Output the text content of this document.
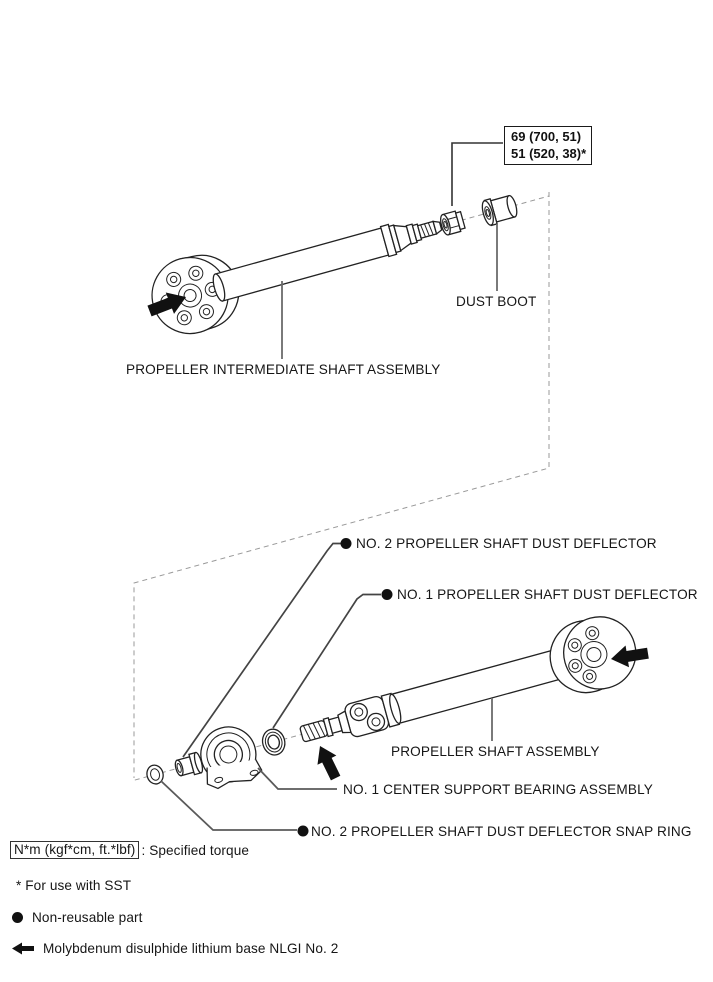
69 (700, 51)
51 (520, 38)*
DUST BOOT
PROPELLER INTERMEDIATE SHAFT ASSEMBLY
NO. 2 PROPELLER SHAFT DUST DEFLECTOR
NO. 1 PROPELLER SHAFT DUST DEFLECTOR
PROPELLER SHAFT ASSEMBLY
NO. 1 CENTER SUPPORT BEARING ASSEMBLY
NO. 2 PROPELLER SHAFT DUST DEFLECTOR SNAP RING
N*m (kgf*cm, ft.*lbf) : Specified torque
* For use with SST
Non-reusable part
Molybdenum disulphide lithium base NLGI No. 2
